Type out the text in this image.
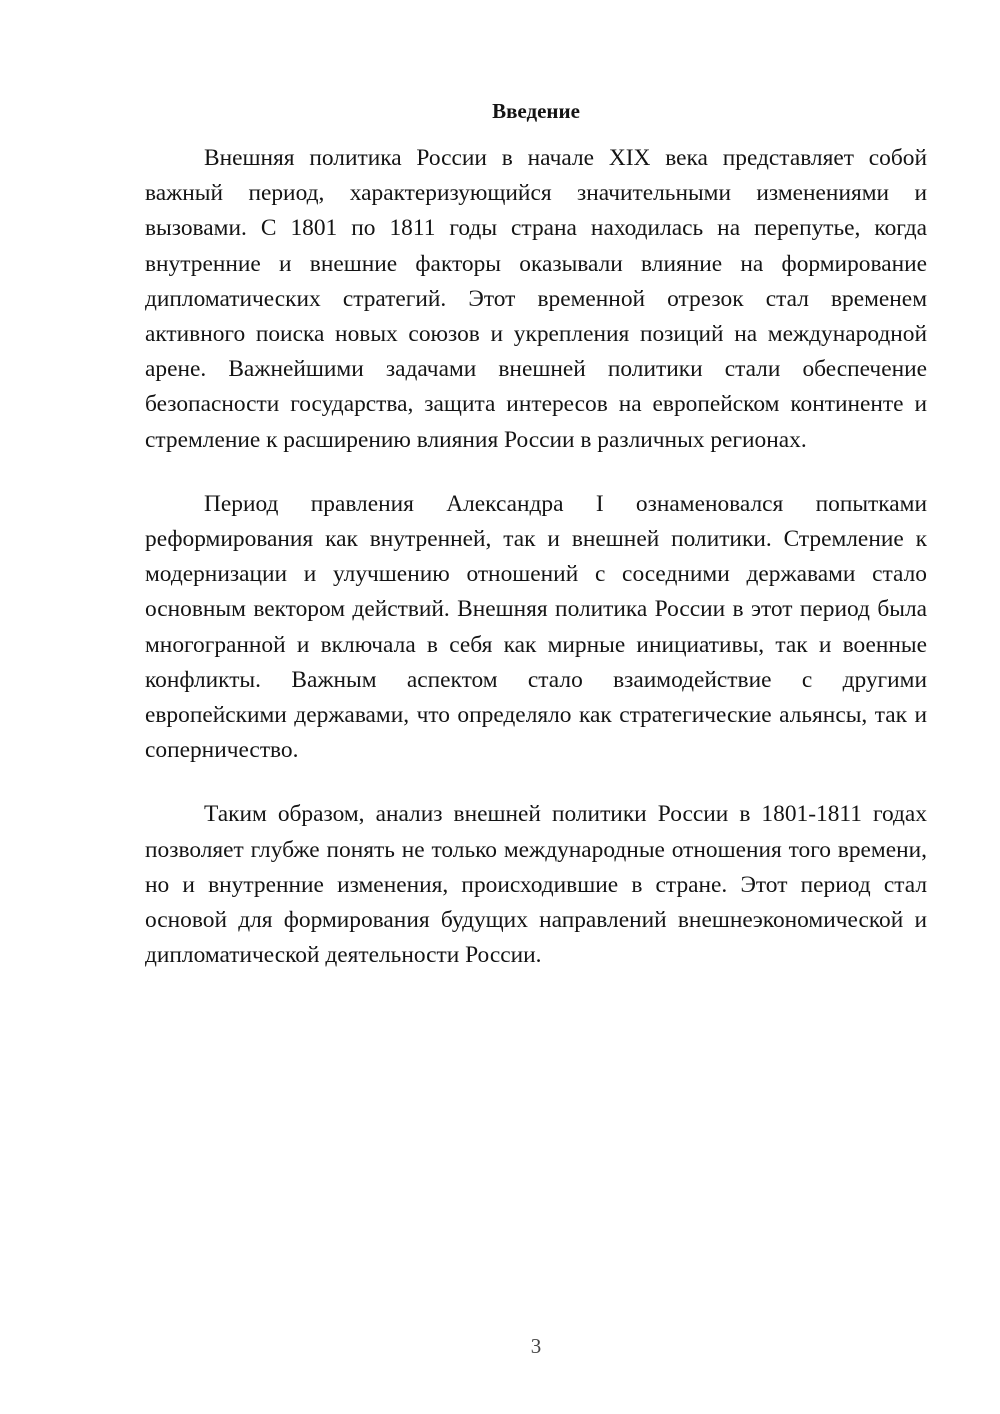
Введение

Внешняя политика России в начале XIX века представляет собой важный период, характеризующийся значительными изменениями и вызовами. С 1801 по 1811 годы страна находилась на перепутье, когда внутренние и внешние факторы оказывали влияние на формирование дипломатических стратегий. Этот временной отрезок стал временем активного поиска новых союзов и укрепления позиций на международной арене. Важнейшими задачами внешней политики стали обеспечение безопасности государства, защита интересов на европейском континенте и стремление к расширению влияния России в различных регионах.

Период правления Александра I ознаменовался попытками реформирования как внутренней, так и внешней политики. Стремление к модернизации и улучшению отношений с соседними державами стало основным вектором действий. Внешняя политика России в этот период была многогранной и включала в себя как мирные инициативы, так и военные конфликты. Важным аспектом стало взаимодействие с другими европейскими державами, что определяло как стратегические альянсы, так и соперничество.

Таким образом, анализ внешней политики России в 1801-1811 годах позволяет глубже понять не только международные отношения того времени, но и внутренние изменения, происходившие в стране. Этот период стал основой для формирования будущих направлений внешнеэкономической и дипломатической деятельности России.

3
